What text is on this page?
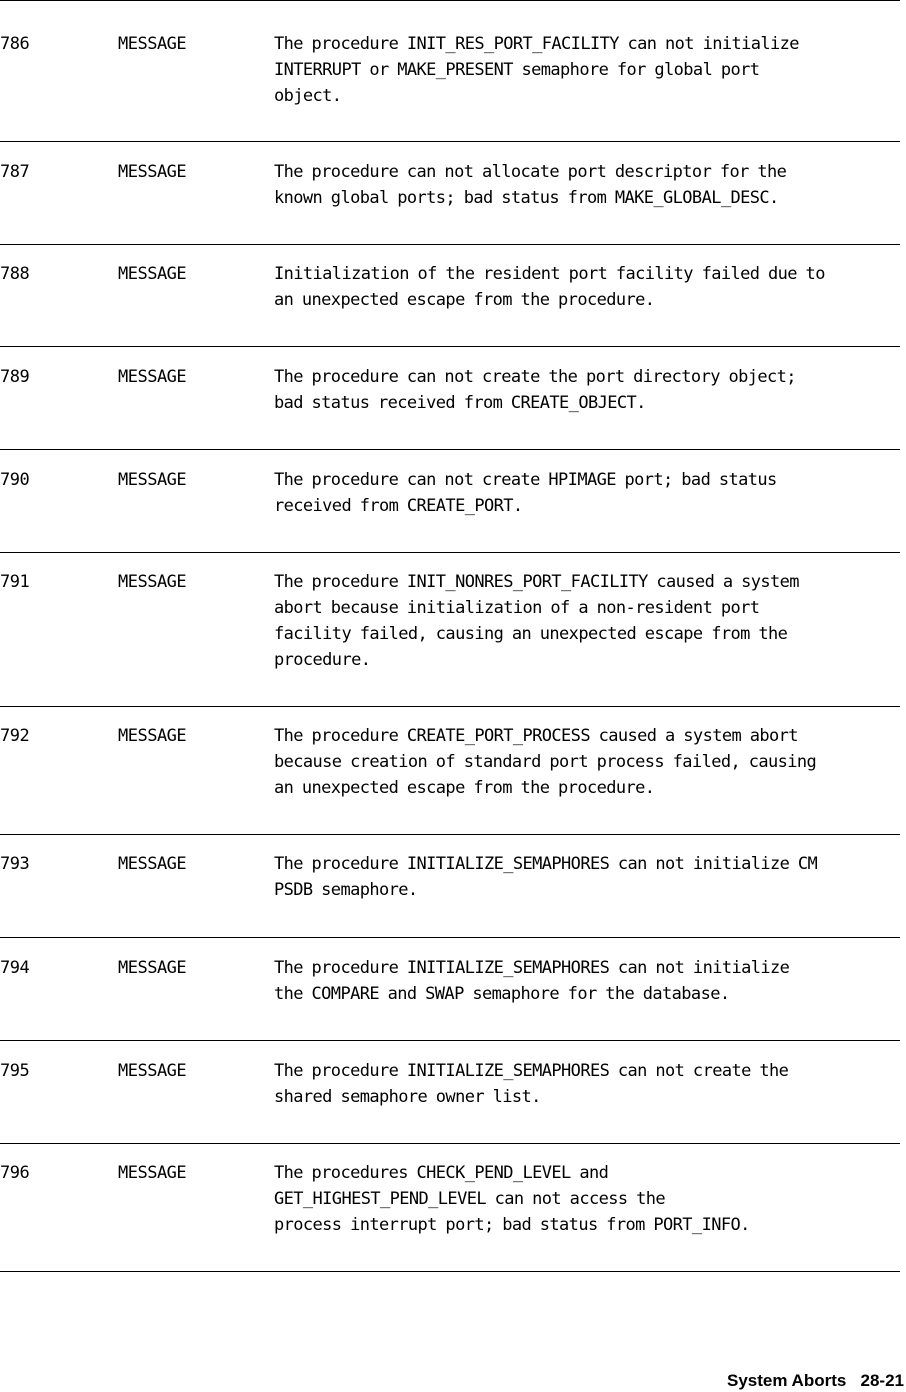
786	MESSAGE	The procedure INIT_RES_PORT_FACILITY can not initialize
INTERRUPT or MAKE_PRESENT semaphore for global port
object.
787	MESSAGE	The procedure can not allocate port descriptor for the
known global ports; bad status from MAKE_GLOBAL_DESC.
788	MESSAGE	Initialization of the resident port facility failed due to
an unexpected escape from the procedure.
789	MESSAGE	The procedure can not create the port directory object;
bad status received from CREATE_OBJECT.
790	MESSAGE	The procedure can not create HPIMAGE port; bad status
received from CREATE_PORT.
791	MESSAGE	The procedure INIT_NONRES_PORT_FACILITY caused a system
abort because initialization of a non-resident port
facility failed, causing an unexpected escape from the
procedure.
792	MESSAGE	The procedure CREATE_PORT_PROCESS caused a system abort
because creation of standard port process failed, causing
an unexpected escape from the procedure.
793	MESSAGE	The procedure INITIALIZE_SEMAPHORES can not initialize CM
PSDB semaphore.
794	MESSAGE	The procedure INITIALIZE_SEMAPHORES can not initialize
the COMPARE and SWAP semaphore for the database.
795	MESSAGE	The procedure INITIALIZE_SEMAPHORES can not create the
shared semaphore owner list.
796	MESSAGE	The procedures CHECK_PEND_LEVEL and
GET_HIGHEST_PEND_LEVEL can not access the
process interrupt port; bad status from PORT_INFO.
System Aborts 28-21
